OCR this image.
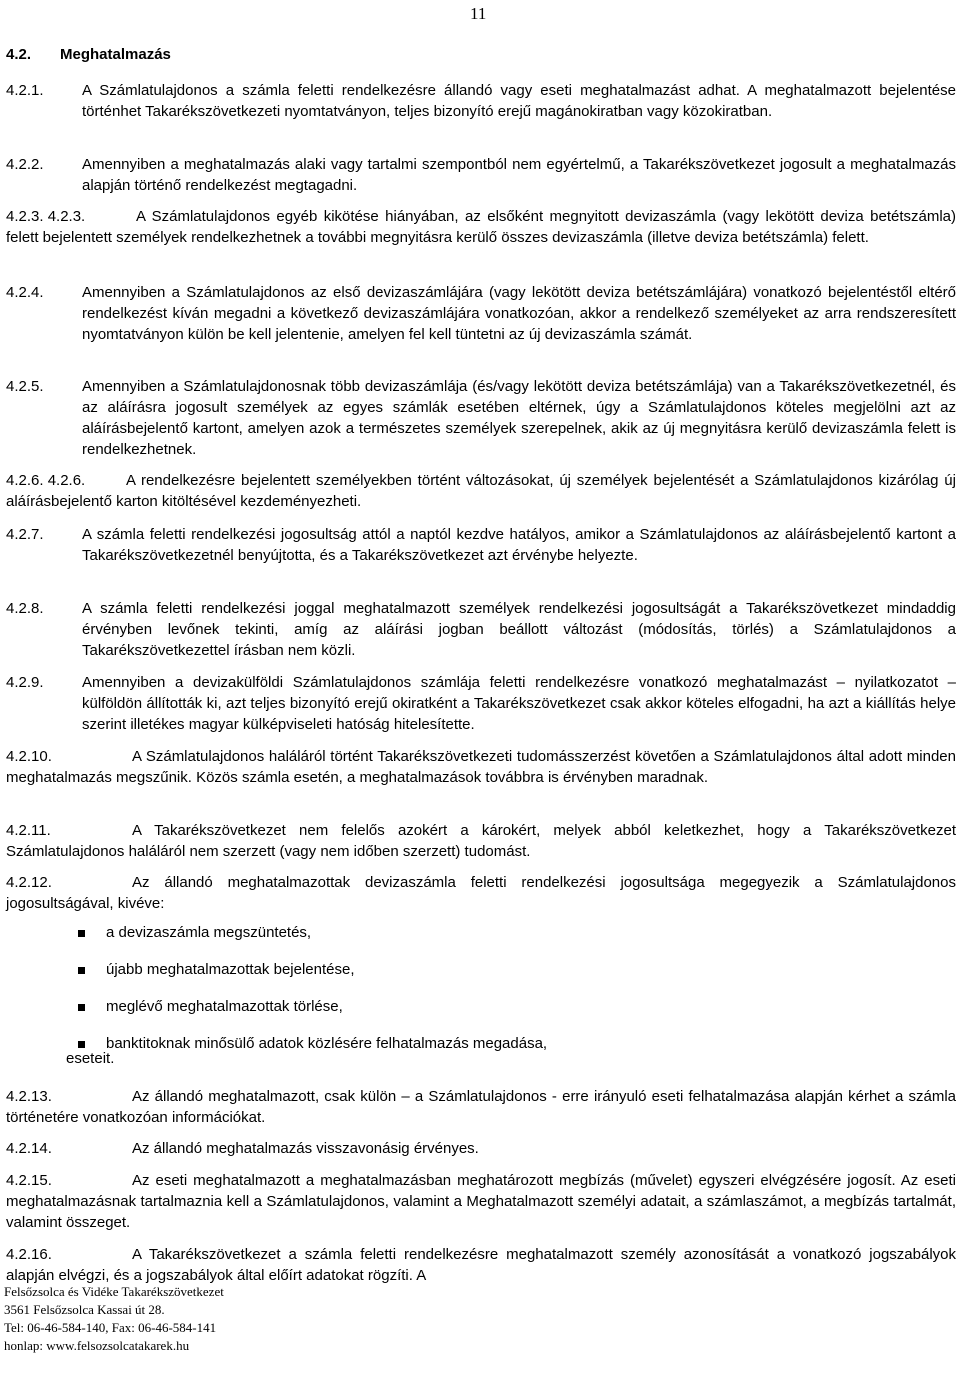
11
4.2. Meghatalmazás
4.2.1.	A Számlatulajdonos a számla feletti rendelkezésre állandó vagy eseti meghatalmazást adhat. A meghatalmazott bejelentése történhet Takarékszövetkezeti nyomtatványon, teljes bizonyító erejű magánokiratban vagy közokiratban.
4.2.2.	Amennyiben a meghatalmazás alaki vagy tartalmi szempontból nem egyértelmű, a Takarékszövetkezet jogosult a meghatalmazás alapján történő rendelkezést megtagadni.
4.2.3. 4.2.3.	A Számlatulajdonos egyéb kikötése hiányában, az elsőként megnyitott devizaszámla (vagy lekötött deviza betétszámla) felett bejelentett személyek rendelkezhetnek a további megnyitásra kerülő összes devizaszámla (illetve deviza betétszámla) felett.
4.2.4.	Amennyiben a Számlatulajdonos az első devizaszámlájára (vagy lekötött deviza betétszámlájára) vonatkozó bejelentéstől eltérő rendelkezést kíván megadni a következő devizaszámlájára vonatkozóan, akkor a rendelkező személyeket az arra rendszeresített nyomtatványon külön be kell jelentenie, amelyen fel kell tüntetni az új devizaszámla számát.
4.2.5.	Amennyiben a Számlatulajdonosnak több devizaszámlája (és/vagy lekötött deviza betétszámlája) van a Takarékszövetkezetnél, és az aláírásra jogosult személyek az egyes számlák esetében eltérnek, úgy a Számlatulajdonos köteles megjelölni azt az aláírásbejelentő kartont, amelyen azok a természetes személyek szerepelnek, akik az új megnyitásra kerülő devizaszámla felett is rendelkezhetnek.
4.2.6. 4.2.6.	A rendelkezésre bejelentett személyekben történt változásokat, új személyek bejelentését a Számlatulajdonos kizárólag új aláírásbejelentő karton kitöltésével kezdeményezheti.
4.2.7.	A számla feletti rendelkezési jogosultság attól a naptól kezdve hatályos, amikor a Számlatulajdonos az aláírásbejelentő kartont a Takarékszövetkezetnél benyújtotta, és a Takarékszövetkezet azt érvénybe helyezte.
4.2.8.	A számla feletti rendelkezési joggal meghatalmazott személyek rendelkezési jogosultságát a Takarékszövetkezet mindaddig érvényben levőnek tekinti, amíg az aláírási jogban beállott változást (módosítás, törlés) a Számlatulajdonos a Takarékszövetkezettel írásban nem közli.
4.2.9.	Amennyiben a devizakülföldi Számlatulajdonos számlája feletti rendelkezésre vonatkozó meghatalmazást – nyilatkozatot – külföldön állították ki, azt teljes bizonyító erejű okiratként a Takarékszövetkezet csak akkor köteles elfogadni, ha azt a kiállítás helye szerint illetékes magyar külképviseleti hatóság hitelesítette.
4.2.10.	A Számlatulajdonos haláláról történt Takarékszövetkezeti tudomásszerzést követően a Számlatulajdonos által adott minden meghatalmazás megszűnik. Közös számla esetén, a meghatalmazások továbbra is érvényben maradnak.
4.2.11.	A Takarékszövetkezet nem felelős azokért a károkért, melyek abból keletkezhet, hogy a Takarékszövetkezet Számlatulajdonos haláláról nem szerzett (vagy nem időben szerzett) tudomást.
4.2.12.	Az állandó meghatalmazottak devizaszámla feletti rendelkezési jogosultsága megegyezik a Számlatulajdonos jogosultságával, kivéve:
a devizaszámla megszüntetés,
újabb meghatalmazottak bejelentése,
meglévő meghatalmazottak törlése,
banktitoknak minősülő adatok közlésére felhatalmazás megadása,
eseteit.
4.2.13.	Az állandó meghatalmazott, csak külön – a Számlatulajdonos - erre irányuló eseti felhatalmazása alapján kérhet a számla történetére vonatkozóan információkat.
4.2.14.	Az állandó meghatalmazás visszavonásig érvényes.
4.2.15.	Az eseti meghatalmazott a meghatalmazásban meghatározott megbízás (művelet) egyszeri elvégzésére jogosít. Az eseti meghatalmazásnak tartalmaznia kell a Számlatulajdonos, valamint a Meghatalmazott személyi adatait, a számlaszámot, a megbízás tartalmát, valamint összeget.
4.2.16.	A Takarékszövetkezet a számla feletti rendelkezésre meghatalmazott személy azonosítását a vonatkozó jogszabályok alapján elvégzi, és a jogszabályok által előírt adatokat rögzíti. A
Felsőzsolca és Vidéke Takarékszövetkezet
3561 Felsőzsolca Kassai út 28.
Tel: 06-46-584-140, Fax: 06-46-584-141
honlap: www.felsozsolcatakarek.hu
